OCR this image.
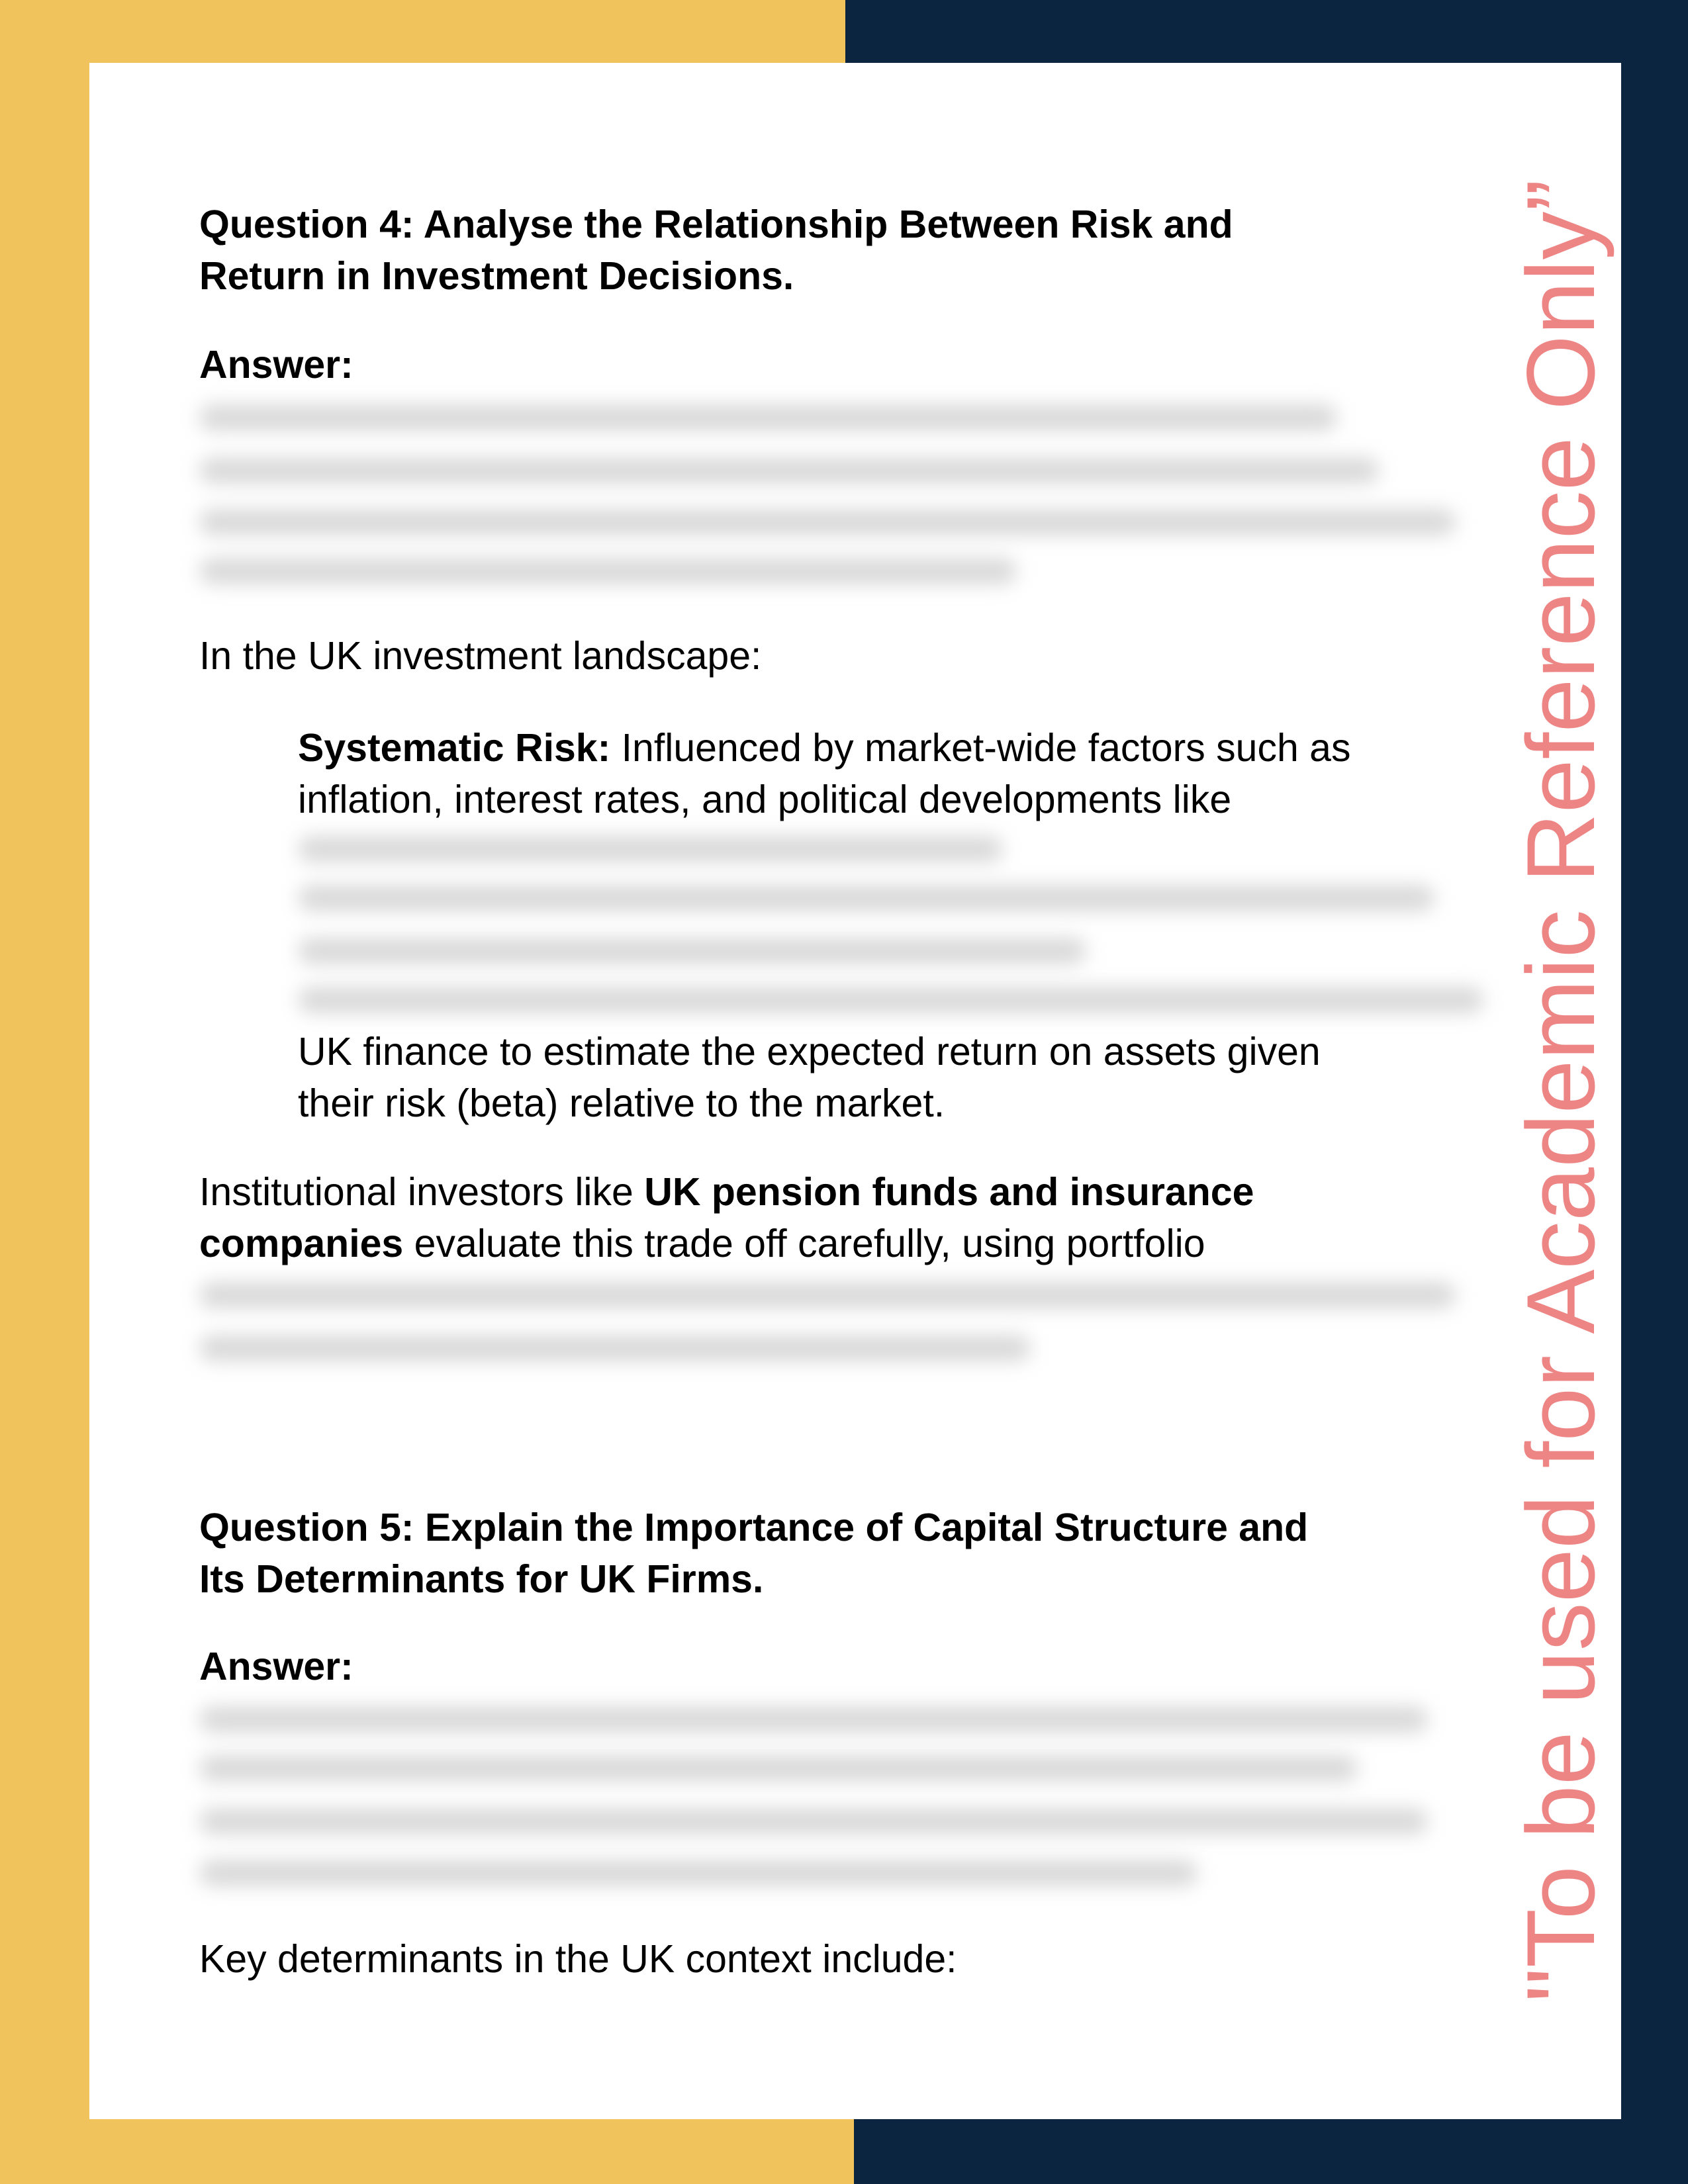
Question 4: Analyse the Relationship Between Risk and
Return in Investment Decisions.
Answer:
In the UK investment landscape:
Systematic Risk: Influenced by market-wide factors such as
inflation, interest rates, and political developments like
UK finance to estimate the expected return on assets given
their risk (beta) relative to the market.
Institutional investors like UK pension funds and insurance
companies evaluate this trade off carefully, using portfolio
Question 5: Explain the Importance of Capital Structure and
Its Determinants for UK Firms.
Answer:
Key determinants in the UK context include:	"To be used for Academic Reference Only”
